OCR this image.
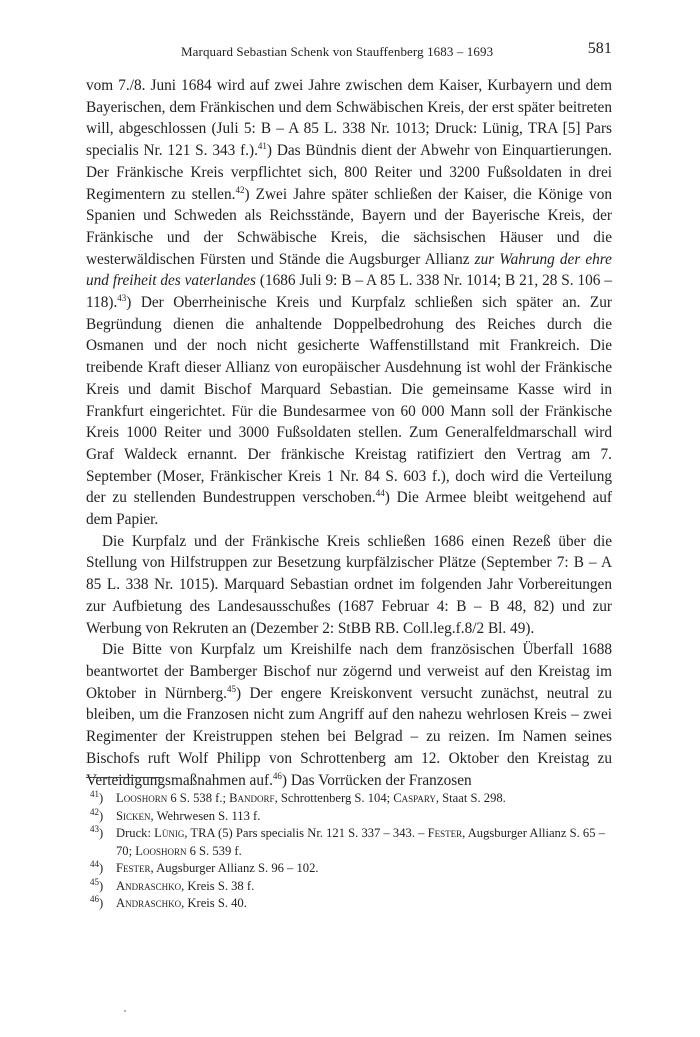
Marquard Sebastian Schenk von Stauffenberg 1683 – 1693	581

vom 7./8. Juni 1684 wird auf zwei Jahre zwischen dem Kaiser, Kurbayern und dem Bayerischen, dem Fränkischen und dem Schwäbischen Kreis, der erst später beitreten will, abgeschlossen (Juli 5: B – A 85 L. 338 Nr. 1013; Druck: Lünig, TRA [5] Pars specialis Nr. 121 S. 343 f.).$^{41}$) Das Bündnis dient der Abwehr von Einquartierungen. Der Fränkische Kreis verpflichtet sich, 800 Reiter und 3200 Fußsoldaten in drei Regimentern zu stellen.$^{42}$) Zwei Jahre später schließen der Kaiser, die Könige von Spanien und Schweden als Reichsstände, Bayern und der Bayerische Kreis, der Fränkische und der Schwäbische Kreis, die sächsischen Häuser und die westerwäldischen Fürsten und Stände die Augsburger Allianz zur Wahrung der ehre und freiheit des vaterlandes (1686 Juli 9: B – A 85 L. 338 Nr. 1014; B 21, 28 S. 106 – 118).$^{43}$) Der Oberrheinische Kreis und Kurpfalz schließen sich später an. Zur Begründung dienen die anhaltende Doppelbedrohung des Reiches durch die Osmanen und der noch nicht gesicherte Waffenstillstand mit Frankreich. Die treibende Kraft dieser Allianz von europäischer Ausdehnung ist wohl der Fränkische Kreis und damit Bischof Marquard Sebastian. Die gemeinsame Kasse wird in Frankfurt eingerichtet. Für die Bundesarmee von 60 000 Mann soll der Fränkische Kreis 1000 Reiter und 3000 Fußsoldaten stellen. Zum Generalfeldmarschall wird Graf Waldeck ernannt. Der fränkische Kreistag ratifiziert den Vertrag am 7. September (Moser, Fränkischer Kreis 1 Nr. 84 S. 603 f.), doch wird die Verteilung der zu stellenden Bundestruppen verschoben.$^{44}$) Die Armee bleibt weitgehend auf dem Papier.

Die Kurpfalz und der Fränkische Kreis schließen 1686 einen Rezeß über die Stellung von Hilfstruppen zur Besetzung kurpfälzischer Plätze (September 7: B – A 85 L. 338 Nr. 1015). Marquard Sebastian ordnet im folgenden Jahr Vorbereitungen zur Aufbietung des Landesausschußes (1687 Februar 4: B – B 48, 82) und zur Werbung von Rekruten an (Dezember 2: StBB RB. Coll.leg.f.8/2 Bl. 49).

Die Bitte von Kurpfalz um Kreishilfe nach dem französischen Überfall 1688 beantwortet der Bamberger Bischof nur zögernd und verweist auf den Kreistag im Oktober in Nürnberg.$^{45}$) Der engere Kreiskonvent versucht zunächst, neutral zu bleiben, um die Franzosen nicht zum Angriff auf den nahezu wehrlosen Kreis – zwei Regimenter der Kreistruppen stehen bei Belgrad – zu reizen. Im Namen seines Bischofs ruft Wolf Philipp von Schrottenberg am 12. Oktober den Kreistag zu Verteidigungsmaßnahmen auf.$^{46}$) Das Vorrücken der Franzosen

$^{41}$)	Looshorn 6 S. 538 f.; Bandorf, Schrottenberg S. 104; Caspary, Staat S. 298.
$^{42}$)	Sicken, Wehrwesen S. 113 f.
$^{43}$)	Druck: Lünig, TRA (5) Pars specialis Nr. 121 S. 337 – 343. – Fester, Augsburger Allianz S. 65 – 70; Looshorn 6 S. 539 f.
$^{44}$)	Fester, Augsburger Allianz S. 96 – 102.
$^{45}$)	Andraschko, Kreis S. 38 f.
$^{46}$)	Andraschko, Kreis S. 40.
